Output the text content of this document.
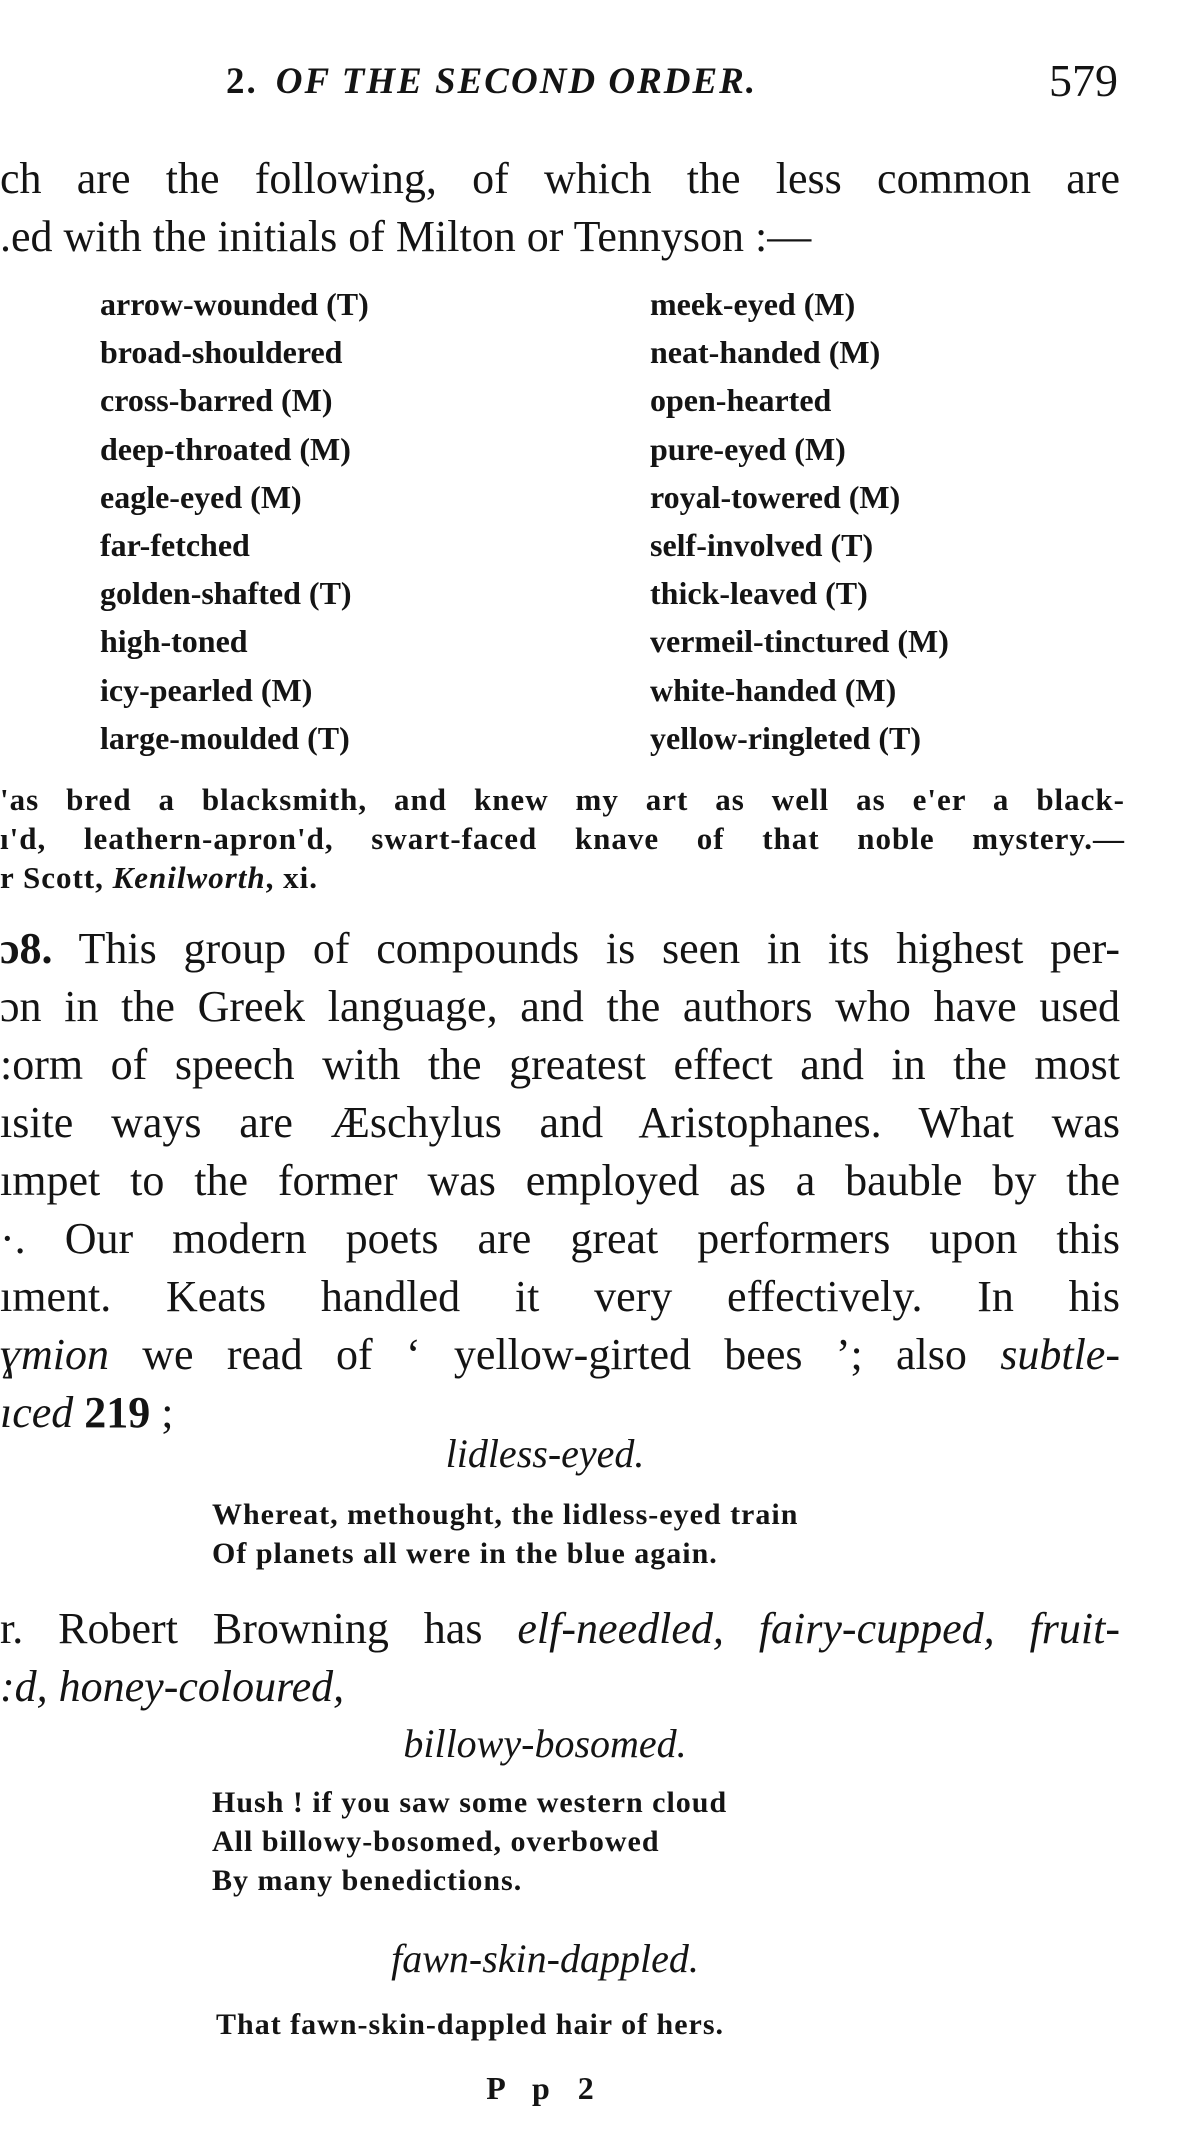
2. OF THE SECOND ORDER.	579

ch are the following, of which the less common are

.ed with the initials of Milton or Tennyson :—

arrow-wounded (T)	meek-eyed (M)
broad-shouldered	neat-handed (M)
cross-barred (M)	open-hearted
deep-throated (M)	pure-eyed (M)
eagle-eyed (M)	royal-towered (M)
far-fetched	self-involved (T)
golden-shafted (T)	thick-leaved (T)
high-toned	vermeil-tinctured (M)
icy-pearled (M)	white-handed (M)
large-moulded (T)	yellow-ringleted (T)

'as bred a blacksmith, and knew my art as well as e'er a black-

ı'd, leathern-apron'd, swart-faced knave of that noble mystery.—

r Scott, Kenilworth, xi.

ɔ8. This group of compounds is seen in its highest per-

ɔn in the Greek language, and the authors who have used

:orm of speech with the greatest effect and in the most

ısite ways are Æschylus and Aristophanes. What was

ımpet to the former was employed as a bauble by the

·. Our modern poets are great performers upon this

ıment. Keats handled it very effectively. In his

ɣmion we read of ‘ yellow-girted bees ’; also subtle-

ıced 219 ;

lidless-eyed.

Whereat, methought, the lidless-eyed train

Of planets all were in the blue again.

r. Robert Browning has elf-needled, fairy-cupped, fruit-

:d, honey-coloured,

billowy-bosomed.

Hush ! if you saw some western cloud

All billowy-bosomed, overbowed

By many benedictions.

fawn-skin-dappled.

That fawn-skin-dappled hair of hers.

P p 2
